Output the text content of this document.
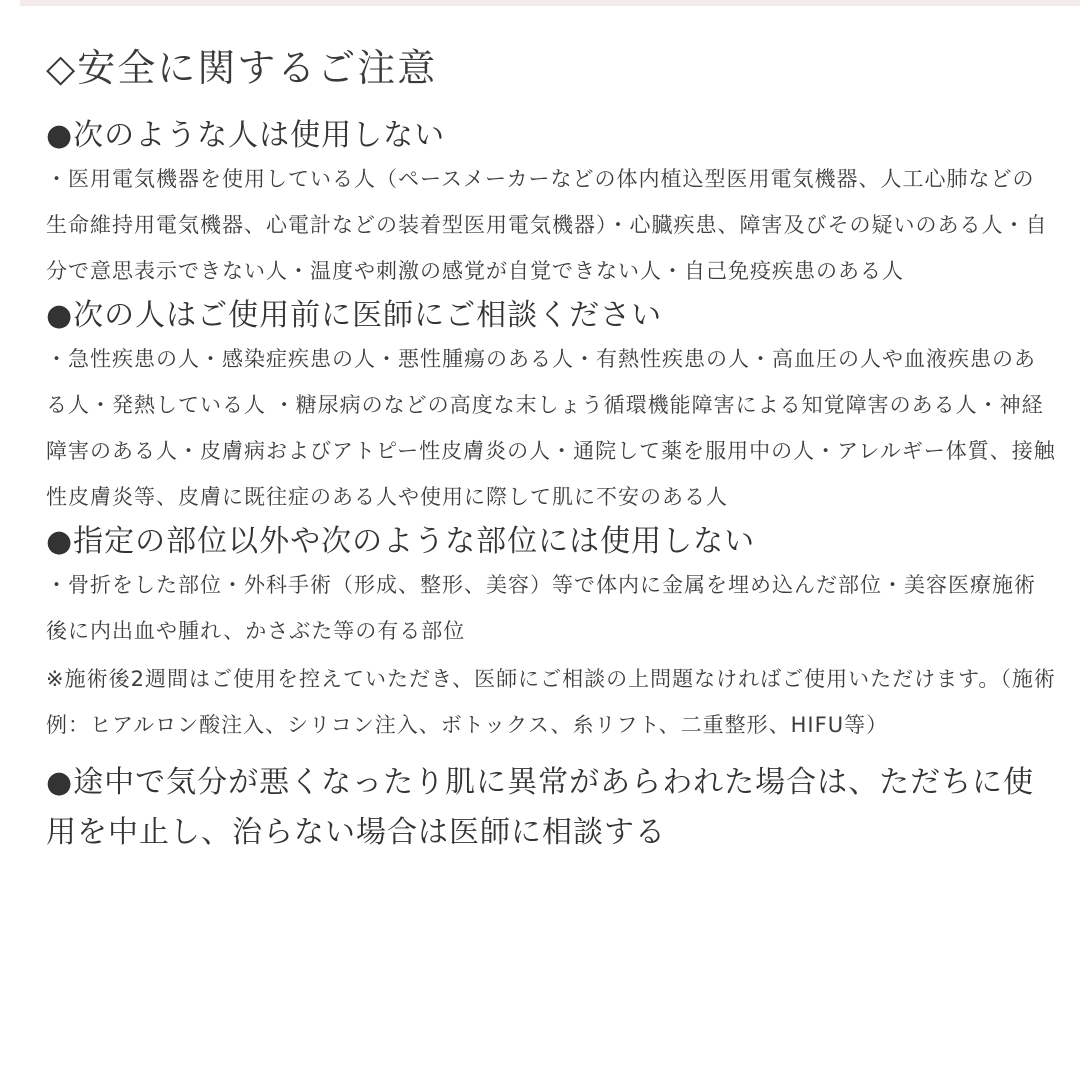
◇安全に関するご注意
●次のような人は使用しない

・医用電気機器を使用している人（ペースメーカーなどの体内植込型医用電気機器、人工心肺などの生命維持用電気機器、心電計などの装着型医用電気機器）・心臓疾患、障害及びその疑いのある人・自分で意思表示できない人・温度や刺激の感覚が自覚できない人・自己免疫疾患のある人

●次の人はご使用前に医師にご相談ください

・急性疾患の人・感染症疾患の人・悪性腫瘍のある人・有熱性疾患の人・高血圧の人や血液疾患のある人・発熱している人 ・糖尿病のなどの高度な末しょう循環機能障害による知覚障害のある人・神経障害のある人・皮膚病およびアトピー性皮膚炎の人・通院して薬を服用中の人・アレルギー体質、接触性皮膚炎等、皮膚に既往症のある人や使用に際して肌に不安のある人

●指定の部位以外や次のような部位には使用しない

・骨折をした部位・外科手術（形成、整形、美容）等で体内に金属を埋め込んだ部位・美容医療施術後に内出血や腫れ、かさぶた等の有る部位

※施術後2週間はご使用を控えていただき、医師にご相談の上問題なければご使用いただけます。（施術例：ヒアルロン酸注入、シリコン注入、ボトックス、糸リフト、二重整形、HIFU等）

●途中で気分が悪くなったり肌に異常があらわれた場合は、ただちに使用を中止し、治らない場合は医師に相談する
